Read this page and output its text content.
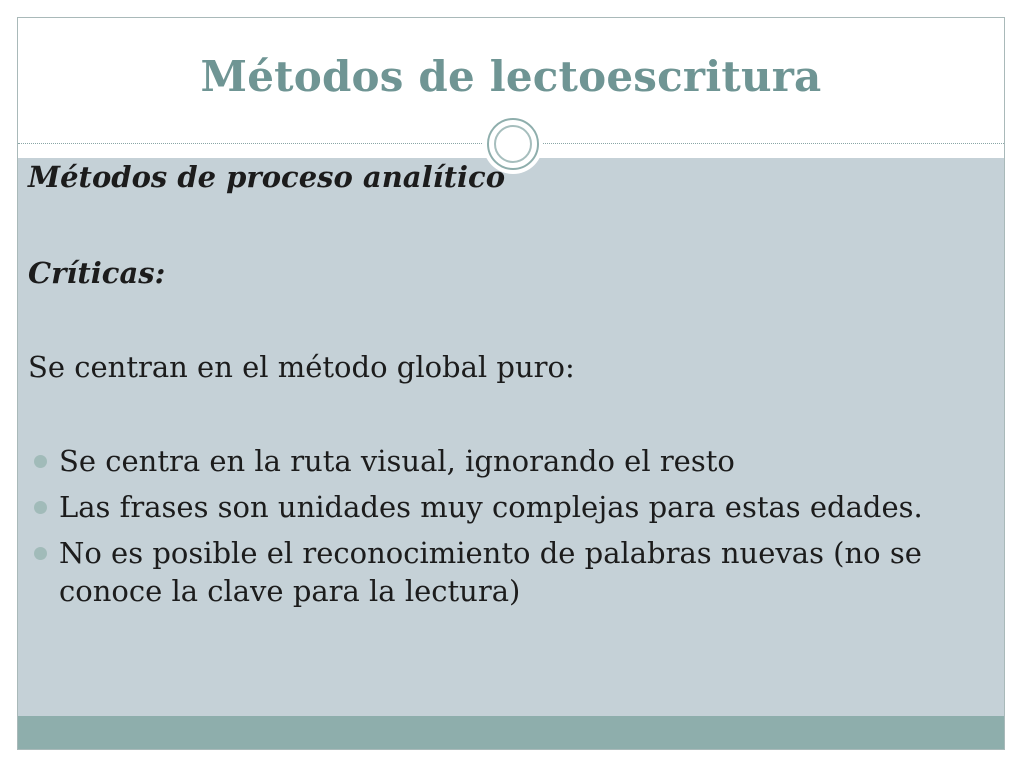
Métodos de lectoescritura
Métodos de proceso analítico
Críticas:
Se centran en el método global puro:
Se centra en la ruta visual, ignorando el resto
Las frases son unidades muy complejas para estas edades.
No es posible el reconocimiento de palabras nuevas (no se conoce la clave para la lectura)
